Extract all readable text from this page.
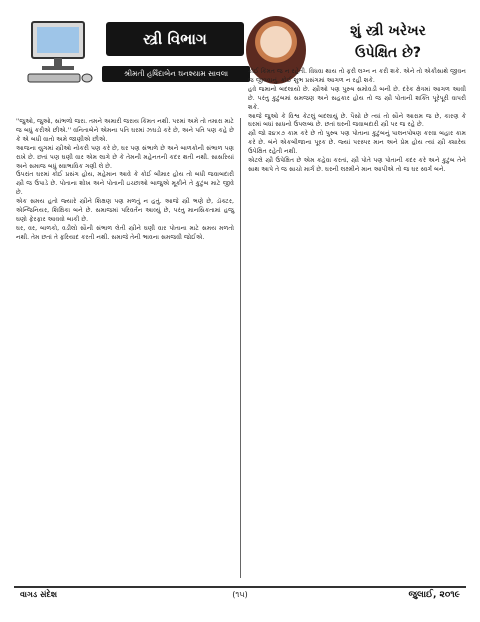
સ્ત્રી વિભાગ
શ્રીમતી હર્ષિદાબેન ઘનશ્યામ સાવલા
શું સ્ત્રી ખરેખર
ઉપેક્ષિત છે?

કોઈ કિંમત જ ન રહેતી. વિધવા થાય તો ફરી લગ્ન ન કરી શકે. એને તો એકીસાથે જીવન જ જીવવાનું. કોઈ શુભ પ્રસંગમાં આગળ ન રહી શકે.

હવે જમાનો બદલાયો છે. સ્ત્રીઓ પણ પુરુષ સમોવડી બની છે. દરેક ક્ષેત્રમાં આગળ આવી છે. પરંતુ કુટુંબમાં સમજણ અને સહકાર હોય તો જ સ્ત્રી પોતાની શક્તિ પૂરેપૂરી વાપરી શકે.

આજે જુઓ કે વિશ્વ કેટલું બદલાયું છે. પૈસો છે ત્યાં તો સૌને આરામ જ છે, કારણ કે ઘરમાં બધાં સાધનો ઉપલબ્ધ છે. છતાં ઘરની જવાબદારી સ્ત્રી પર જ રહે છે.

સ્ત્રી જો ૨૪×૭ કામ કરે છે તો પુરુષ પણ પોતાના કુટુંબનું પાલનપોષણ કરવા બહાર કામ કરે છે. બંને એકબીજાના પૂરક છે. જ્યાં પરસ્પર માન અને પ્રેમ હોય ત્યાં સ્ત્રી ક્યારેય ઉપેક્ષિત રહેતી નથી.

એટલે સ્ત્રી ઉપેક્ષિત છે એમ કહેવા કરતાં, સ્ત્રી પોતે પણ પોતાની કદર કરે અને કુટુંબ તેને સાથ આપે તે જ સાચો માર્ગ છે. ઘરની લક્ષ્મીને માન આપીએ તો જ ઘર સ્વર્ગ બને.

''જુઓ, જુઓ, સાંભળો જરા. તમને અમારી જરાય કિંમત નથી. પરમાં અમે તો તમારા માટે જ બધું કરીએ છીએ.'' વનિતાબેને એમના પતિ ઘરમાં ઝઘડો કરે છે, અને પતિ પણ કહે છે કે એ બધી વાતો અમે જાણીએ છીએ.

આજના યુગમાં સ્ત્રીઓ નોકરી પણ કરે છે, ઘર પણ સંભાળે છે અને બાળકોની સંભાળ પણ રાખે છે. છતાં પણ ઘણી વાર એમ લાગે છે કે તેમની મહેનતની કદર થતી નથી. સાસરિયાં અને સમાજ બધું સ્વાભાવિક ગણી લે છે.

ઉપરાંત ઘરમાં કોઈ પ્રસંગ હોય, મહેમાન આવે કે કોઈ બીમાર હોય તો બધી જવાબદારી સ્ત્રી જ ઉપાડે છે. પોતાના શોખ અને પોતાની ઇચ્છાઓ બાજુએ મૂકીને તે કુટુંબ માટે જીવે છે.

એક સમય હતો જ્યારે સ્ત્રીને શિક્ષણ પણ મળતું ન હતું. આજે સ્ત્રી ભણે છે, ડૉક્ટર, એન્જિનિયર, શિક્ષિકા બને છે. સમાજમાં પરિવર્તન આવ્યું છે, પરંતુ માનસિકતામાં હજુ ઘણો ફેરફાર આવવો બાકી છે.

ઘર, વર, બાળકો, વડીલો સૌની સંભાળ લેતી સ્ત્રીને ઘણી વાર પોતાના માટે સમય મળતો નથી. તેમ છતાં તે ફરિયાદ કરતી નથી. સમાજે તેની ભાવના સમજવી જોઈએ.

વાગડ સંદેશ	(૧૫)	જુલાઈ, ૨૦૧૯
